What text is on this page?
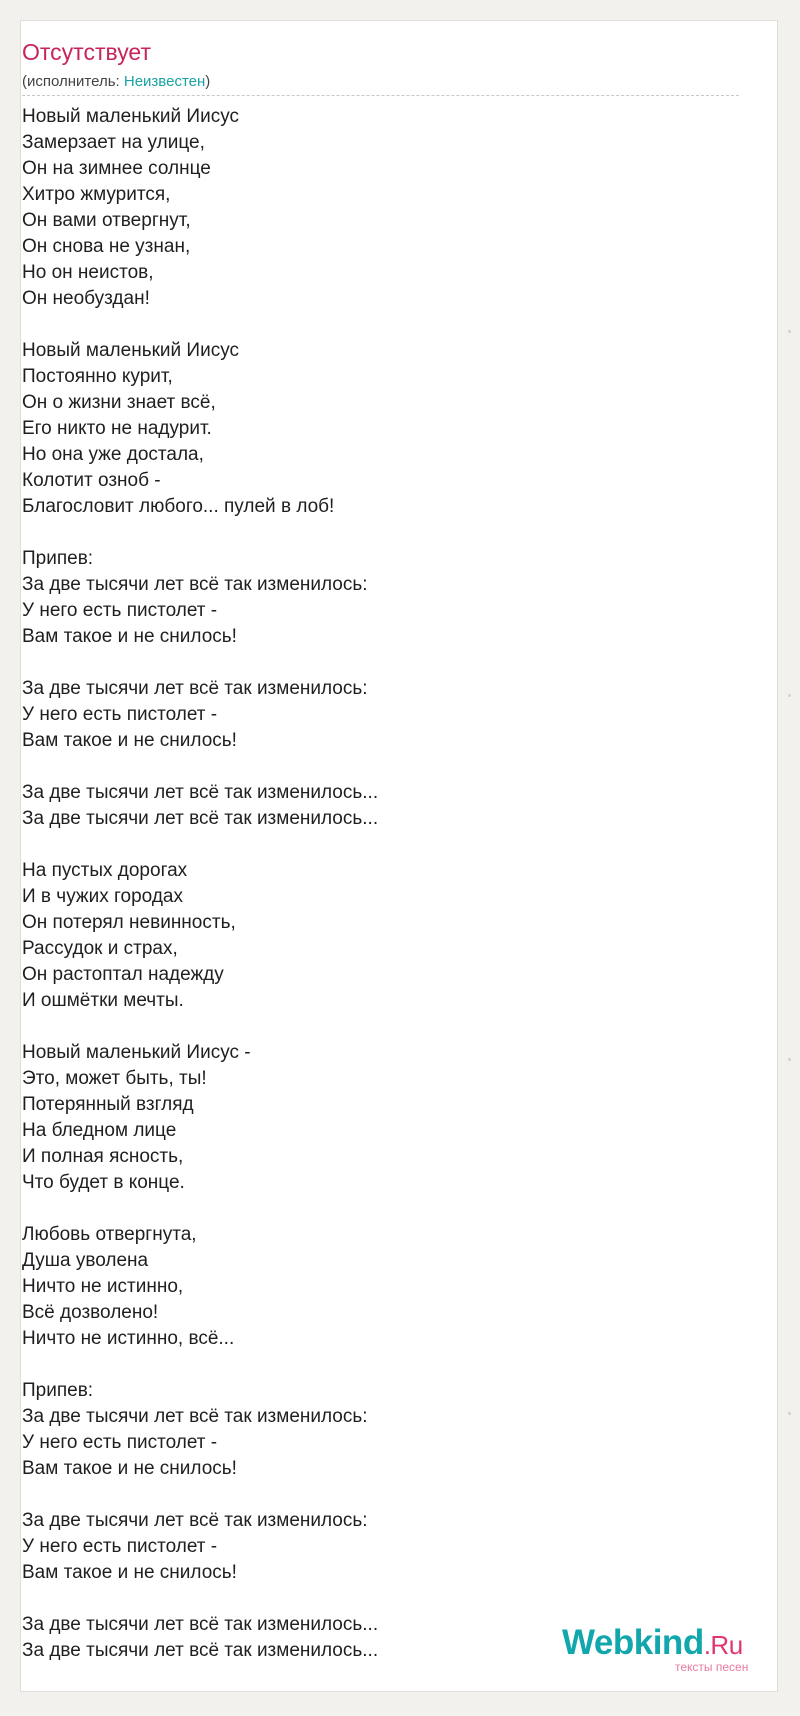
Отсутствует
(исполнитель: Неизвестен)
Новый маленький Иисус
Замерзает на улице,
Он на зимнее солнце
Хитро жмурится,
Он вами отвергнут,
Он снова не узнан,
Но он неистов,
Он необуздан!
Новый маленький Иисус
Постоянно курит,
Он о жизни знает всё,
Его никто не надурит.
Но она уже достала,
Колотит озноб -
Благословит любого... пулей в лоб!
Припев:
За две тысячи лет всё так изменилось:
У него есть пистолет -
Вам такое и не снилось!
За две тысячи лет всё так изменилось:
У него есть пистолет -
Вам такое и не снилось!
За две тысячи лет всё так изменилось...
За две тысячи лет всё так изменилось...
На пустых дорогах
И в чужих городах
Он потерял невинность,
Рассудок и страх,
Он растоптал надежду
И ошмётки мечты.
Новый маленький Иисус -
Это, может быть, ты!
Потерянный взгляд
На бледном лице
И полная ясность,
Что будет в конце.
Любовь отвергнута,
Душа уволена
Ничто не истинно,
Всё дозволено!
Ничто не истинно, всё...
Припев:
За две тысячи лет всё так изменилось:
У него есть пистолет -
Вам такое и не снилось!
За две тысячи лет всё так изменилось:
У него есть пистолет -
Вам такое и не снилось!
За две тысячи лет всё так изменилось...
За две тысячи лет всё так изменилось...	Webkind.Ru
тексты песен
